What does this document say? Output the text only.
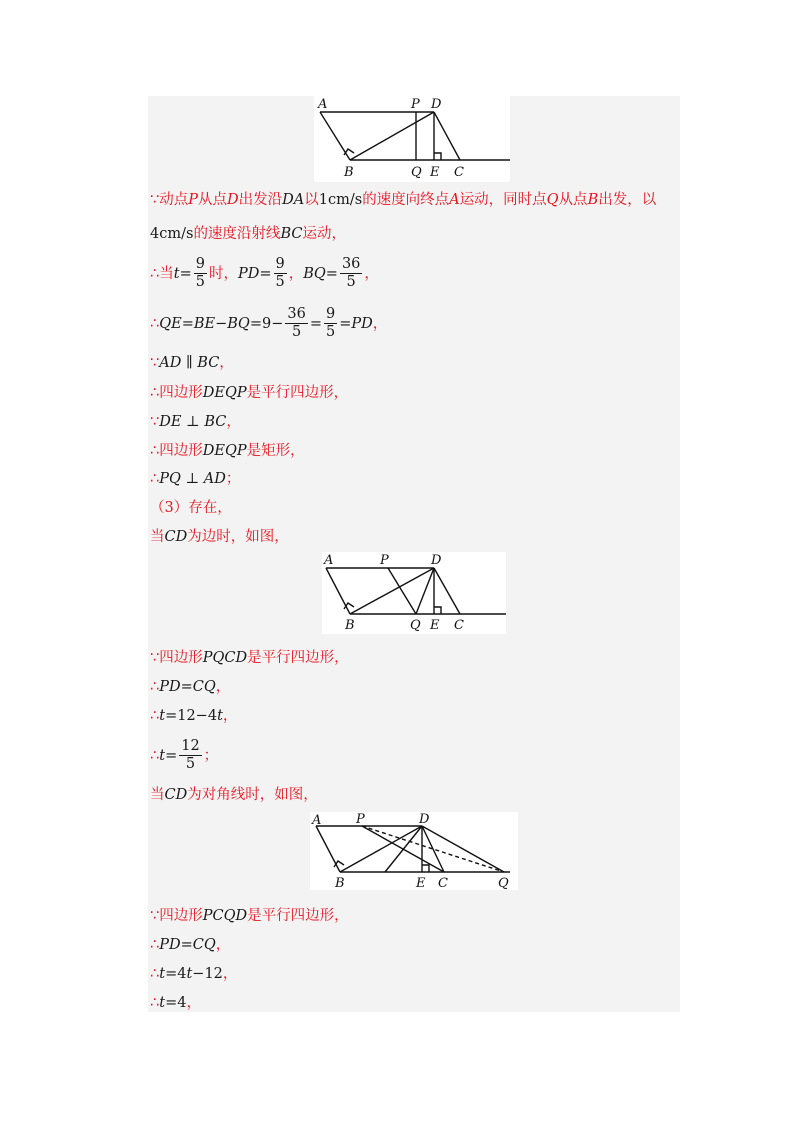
A	P D
B	Q E C
∵动点P从点D出发沿DA以1cm/s的速度向终点A运动，同时点Q从点B出发，以
4cm/s的速度沿射线BC运动，
∴当$t= \frac{9}{5}$ 时，$PD= \frac{9}{5}$ ，$BQ= \frac{36}{5}$ ，
∴QE=BE−BQ=9− $\frac{36}{5} = \frac{9}{5} =PD$，
∵AD ∥ BC，
∴四边形DEQP是平行四边形，
∵DE ⊥ BC，
∴四边形DEQP是矩形，
∴PQ ⊥ AD；
（3）存在，
当CD为边时，如图，
A	P	D
B	Q E C
∵四边形PQCD是平行四边形，
∴PD=CQ，
∴t=12−4t，
∴t= $\frac{12}{5}$ ；
当CD为对角线时，如图，
A	P	D
B	E C	Q
∵四边形PCQD是平行四边形，
∴PD=CQ，
∴t=4t−12，
∴t=4，
